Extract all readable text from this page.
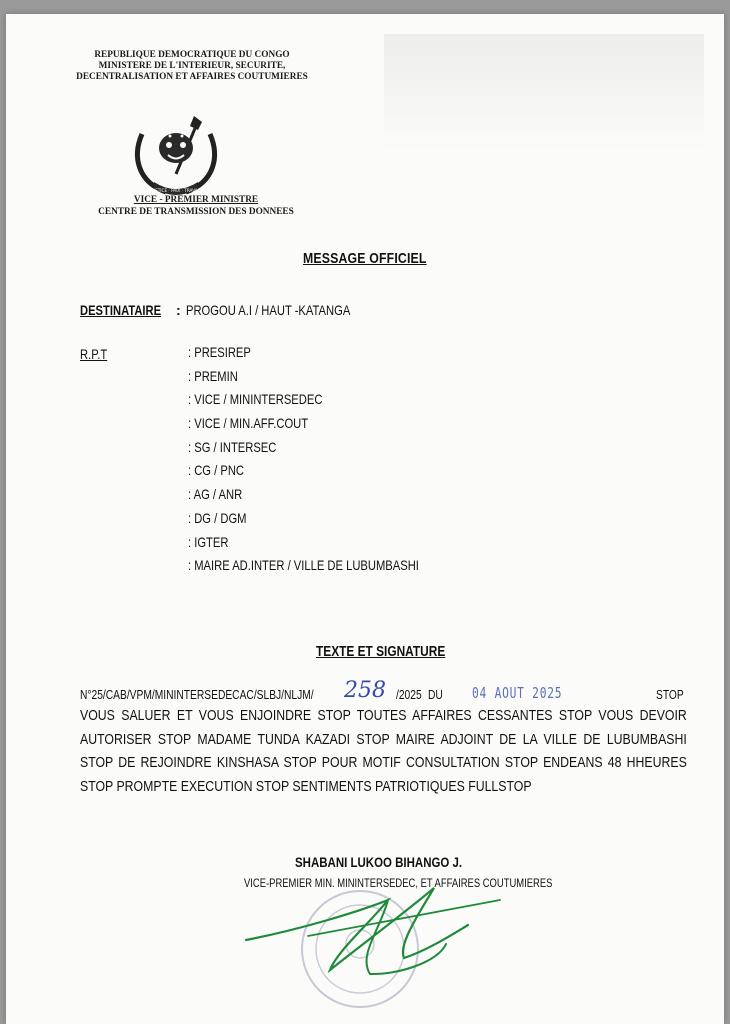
REPUBLIQUE DEMOCRATIQUE DU CONGO
MINISTERE DE L'INTERIEUR, SECURITE,
DECENTRALISATION ET AFFAIRES COUTUMIERES
JUSTICE · PAIX · TRAVAIL
VICE - PREMIER MINISTRE
CENTRE DE TRANSMISSION DES DONNEES
MESSAGE OFFICIEL
DESTINATAIRE : PROGOU A.I / HAUT -KATANGA
R.P.T	: PRESIREP
: PREMIN
: VICE / MININTERSEDEC
: VICE / MIN.AFF.COUT
: SG / INTERSEC
: CG / PNC
: AG / ANR
: DG / DGM
: IGTER
: MAIRE AD.INTER / VILLE DE LUBUMBASHI
TEXTE ET SIGNATURE
N°25/CAB/VPM/MININTERSEDECAC/SLBJ/NLJM/ 258 /2025 DU 04 AOUT 2025	STOP
VOUS SALUER ET VOUS ENJOINDRE STOP TOUTES AFFAIRES CESSANTES STOP VOUS DEVOIR AUTORISER STOP MADAME TUNDA KAZADI STOP MAIRE ADJOINT DE LA VILLE DE LUBUMBASHI STOP DE REJOINDRE KINSHASA STOP POUR MOTIF CONSULTATION STOP ENDEANS 48 HHEURES STOP PROMPTE EXECUTION STOP SENTIMENTS PATRIOTIQUES FULLSTOP
SHABANI LUKOO BIHANGO J.
VICE-PREMIER MIN. MININTERSEDEC, ET AFFAIRES COUTUMIERES
